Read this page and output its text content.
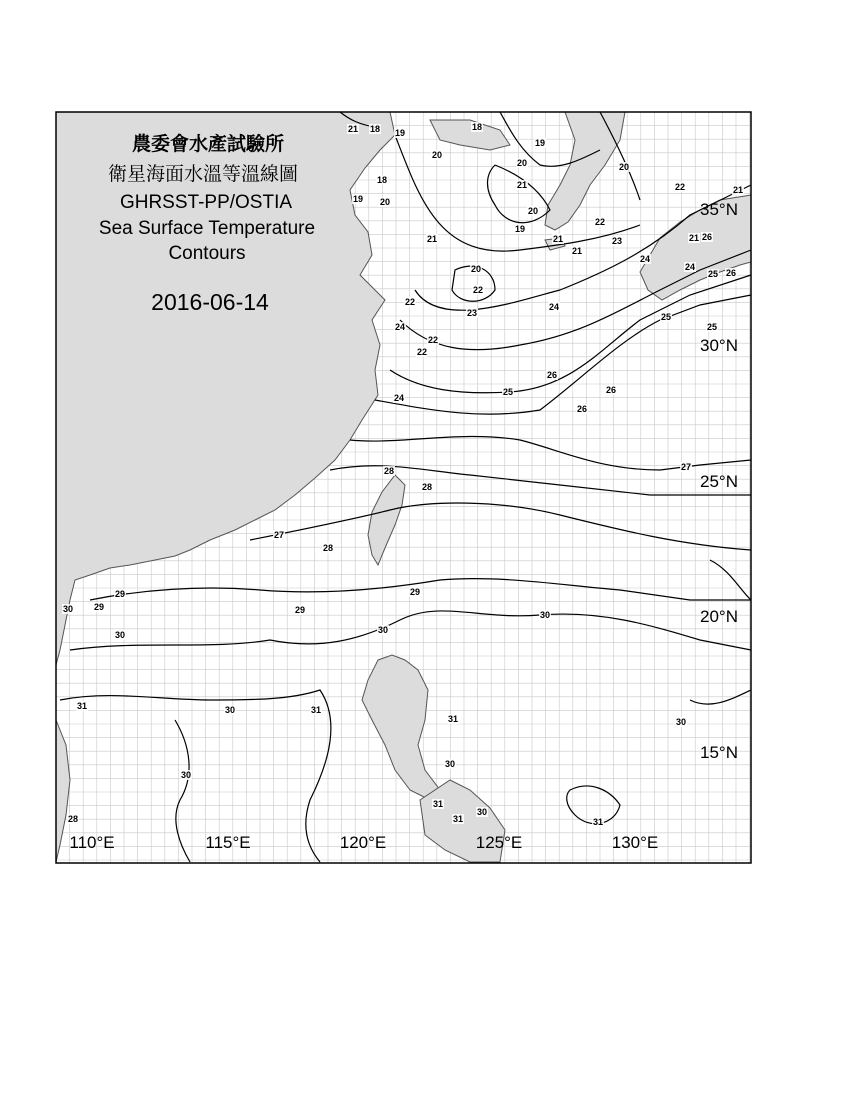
21 18 19
18
20
19
20
18
19
20
21
19
20
21
22
22	21
20
22
23
21
24
22
23
24
21
25 26
20
21
22
24
24
22
25
25
26
26
24
26
25
26
27
28
28
27
28
29
29
29
30
29
30
30	30
30	31
31
31
30
31
31
30
30
31
28
30
農委會水產試驗所
衛星海面水溫等溫線圖
GHRSST-PP/OSTIA
Sea Surface Temperature
Contours
2016-06-14
110°E	115°E	120°E	125°E	130°E
35°N
30°N
25°N
20°N
15°N
